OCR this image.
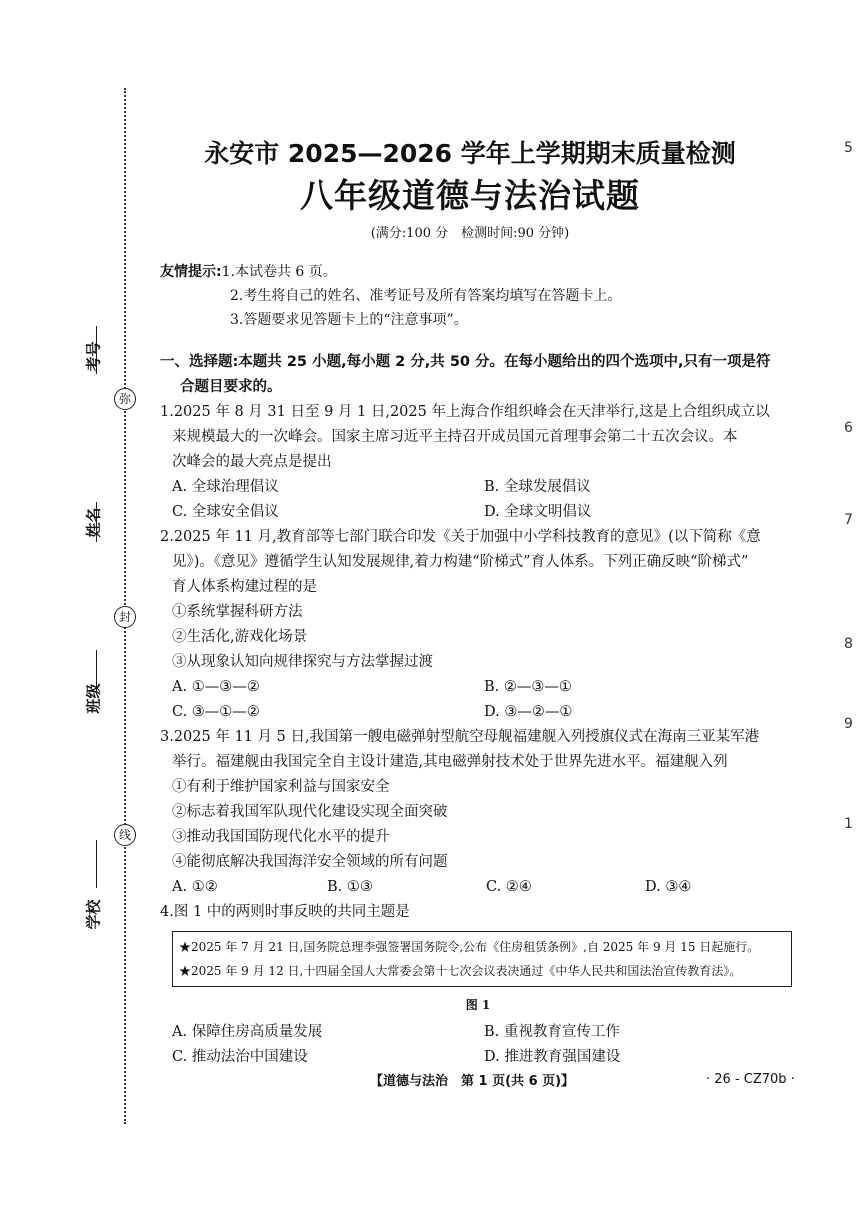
考号
弥
姓名
封
班级
线
学校
5
6
7
8
9
1
永安市 2025—2026 学年上学期期末质量检测
八年级道德与法治试题
(满分:100 分　检测时间:90 分钟)
友情提示:1.本试卷共 6 页。
2.考生将自己的姓名、准考证号及所有答案均填写在答题卡上。
3.答题要求见答题卡上的“注意事项”。
一、选择题:本题共 25 小题,每小题 2 分,共 50 分。在每小题给出的四个选项中,只有一项是符
合题目要求的。
1.2025 年 8 月 31 日至 9 月 1 日,2025 年上海合作组织峰会在天津举行,这是上合组织成立以
来规模最大的一次峰会。国家主席习近平主持召开成员国元首理事会第二十五次会议。本
次峰会的最大亮点是提出
A. 全球治理倡议	B. 全球发展倡议
C. 全球安全倡议	D. 全球文明倡议
2.2025 年 11 月,教育部等七部门联合印发《关于加强中小学科技教育的意见》(以下简称《意
见》)。《意见》遵循学生认知发展规律,着力构建“阶梯式”育人体系。下列正确反映“阶梯式”
育人体系构建过程的是
①系统掌握科研方法
②生活化,游戏化场景
③从现象认知向规律探究与方法掌握过渡
A. ①—③—②	B. ②—③—①
C. ③—①—②	D. ③—②—①
3.2025 年 11 月 5 日,我国第一艘电磁弹射型航空母舰福建舰入列授旗仪式在海南三亚某军港
举行。福建舰由我国完全自主设计建造,其电磁弹射技术处于世界先进水平。福建舰入列
①有利于维护国家利益与国家安全
②标志着我国军队现代化建设实现全面突破
③推动我国国防现代化水平的提升
④能彻底解决我国海洋安全领域的所有问题
A. ①②	B. ①③	C. ②④	D. ③④
4.图 1 中的两则时事反映的共同主题是
★2025 年 7 月 21 日,国务院总理李强签署国务院令,公布《住房租赁条例》,自 2025 年 9 月 15 日起施行。
★2025 年 9 月 12 日,十四届全国人大常委会第十七次会议表决通过《中华人民共和国法治宣传教育法》。
图 1
A. 保障住房高质量发展	B. 重视教育宣传工作
C. 推动法治中国建设	D. 推进教育强国建设
【道德与法治　第 1 页(共 6 页)】	· 26 - CZ70b ·
